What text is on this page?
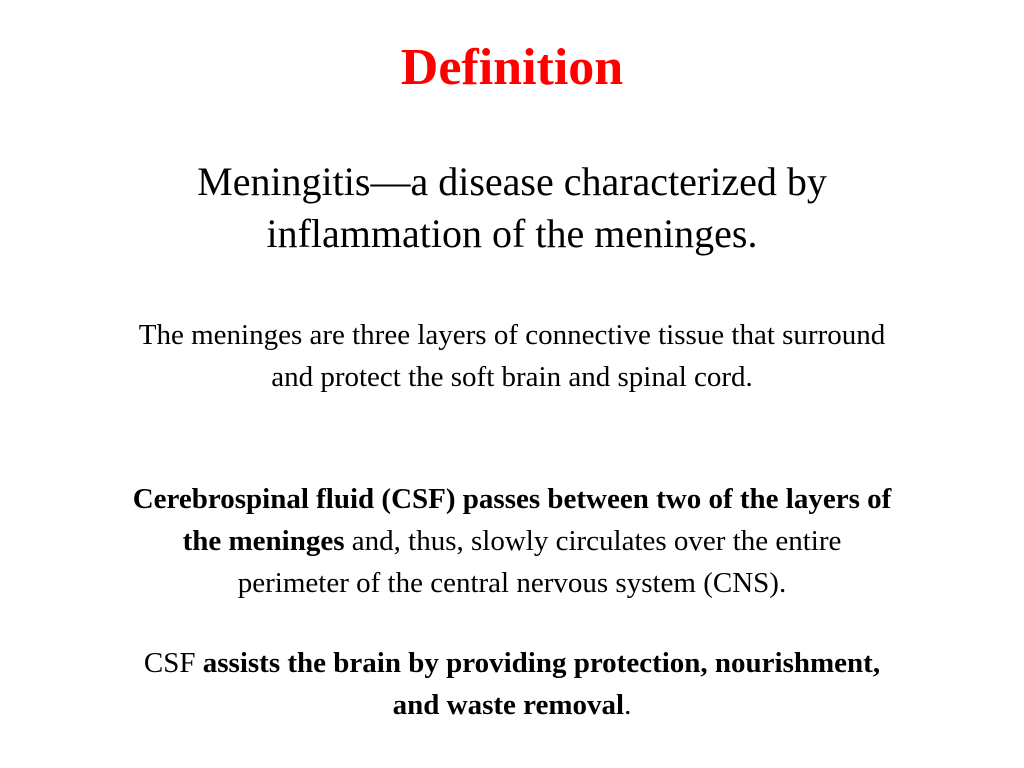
Definition

Meningitis—a disease characterized by
inflammation of the meninges.

The meninges are three layers of connective tissue that surround
and protect the soft brain and spinal cord.

Cerebrospinal fluid (CSF) passes between two of the layers of
the meninges and, thus, slowly circulates over the entire
perimeter of the central nervous system (CNS).

CSF assists the brain by providing protection, nourishment,
and waste removal.
